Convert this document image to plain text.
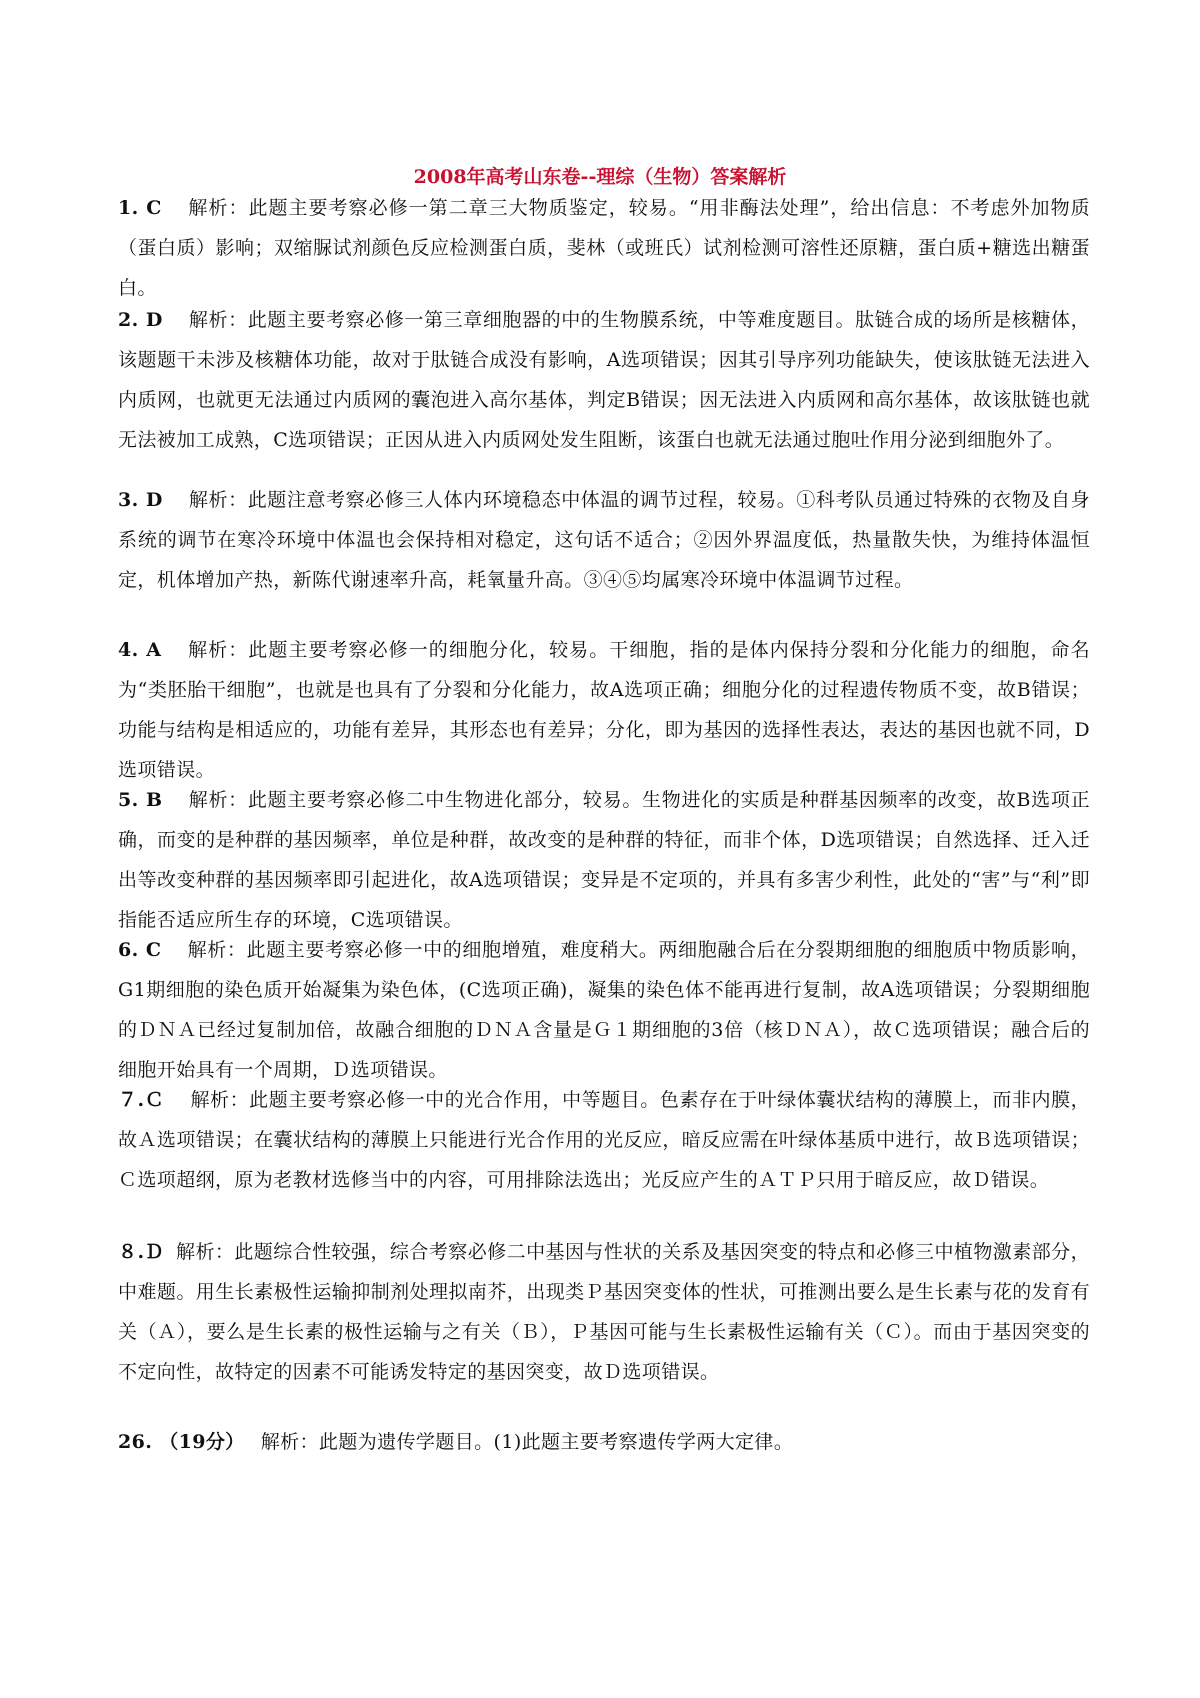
2008年高考山东卷--理综（生物）答案解析
1. C 解析：此题主要考察必修一第二章三大物质鉴定，较易。“用非酶法处理”，给出信息：不考虑外加物质（蛋白质）影响；双缩脲试剂颜色反应检测蛋白质，斐林（或班氏）试剂检测可溶性还原糖，蛋白质+糖选出糖蛋白。
2. D 解析：此题主要考察必修一第三章细胞器的中的生物膜系统，中等难度题目。肽链合成的场所是核糖体，该题题干未涉及核糖体功能，故对于肽链合成没有影响，A选项错误；因其引导序列功能缺失，使该肽链无法进入内质网，也就更无法通过内质网的囊泡进入高尔基体，判定B错误；因无法进入内质网和高尔基体，故该肽链也就无法被加工成熟，C选项错误；正因从进入内质网处发生阻断，该蛋白也就无法通过胞吐作用分泌到细胞外了。
3. D 解析：此题注意考察必修三人体内环境稳态中体温的调节过程，较易。①科考队员通过特殊的衣物及自身系统的调节在寒冷环境中体温也会保持相对稳定，这句话不适合；②因外界温度低，热量散失快，为维持体温恒定，机体增加产热，新陈代谢速率升高，耗氧量升高。③④⑤均属寒冷环境中体温调节过程。
4. A 解析：此题主要考察必修一的细胞分化，较易。干细胞，指的是体内保持分裂和分化能力的细胞，命名为“类胚胎干细胞”，也就是也具有了分裂和分化能力，故A选项正确；细胞分化的过程遗传物质不变，故B错误；功能与结构是相适应的，功能有差异，其形态也有差异；分化，即为基因的选择性表达，表达的基因也就不同，D选项错误。
5. B 解析：此题主要考察必修二中生物进化部分，较易。生物进化的实质是种群基因频率的改变，故B选项正确，而变的是种群的基因频率，单位是种群，故改变的是种群的特征，而非个体，D选项错误；自然选择、迁入迁出等改变种群的基因频率即引起进化，故A选项错误；变异是不定项的，并具有多害少利性，此处的“害”与“利”即指能否适应所生存的环境，C选项错误。
6. C 解析：此题主要考察必修一中的细胞增殖，难度稍大。两细胞融合后在分裂期细胞的细胞质中物质影响，G1期细胞的染色质开始凝集为染色体，(C选项正确)，凝集的染色体不能再进行复制，故A选项错误；分裂期细胞的ＤＮＡ已经过复制加倍，故融合细胞的ＤＮＡ含量是Ｇ１期细胞的3倍（核ＤＮＡ），故Ｃ选项错误；融合后的细胞开始具有一个周期，Ｄ选项错误。
７.Ｃ 解析：此题主要考察必修一中的光合作用，中等题目。色素存在于叶绿体囊状结构的薄膜上，而非内膜，故Ａ选项错误；在囊状结构的薄膜上只能进行光合作用的光反应，暗反应需在叶绿体基质中进行，故Ｂ选项错误；Ｃ选项超纲，原为老教材选修当中的内容，可用排除法选出；光反应产生的ＡＴＰ只用于暗反应，故Ｄ错误。
８.Ｄ 解析：此题综合性较强，综合考察必修二中基因与性状的关系及基因突变的特点和必修三中植物激素部分，中难题。用生长素极性运输抑制剂处理拟南芥，出现类Ｐ基因突变体的性状，可推测出要么是生长素与花的发育有关（Ａ），要么是生长素的极性运输与之有关（Ｂ），Ｐ基因可能与生长素极性运输有关（Ｃ）。而由于基因突变的不定向性，故特定的因素不可能诱发特定的基因突变，故Ｄ选项错误。
26. （19分） 解析：此题为遗传学题目。(1)此题主要考察遗传学两大定律。
